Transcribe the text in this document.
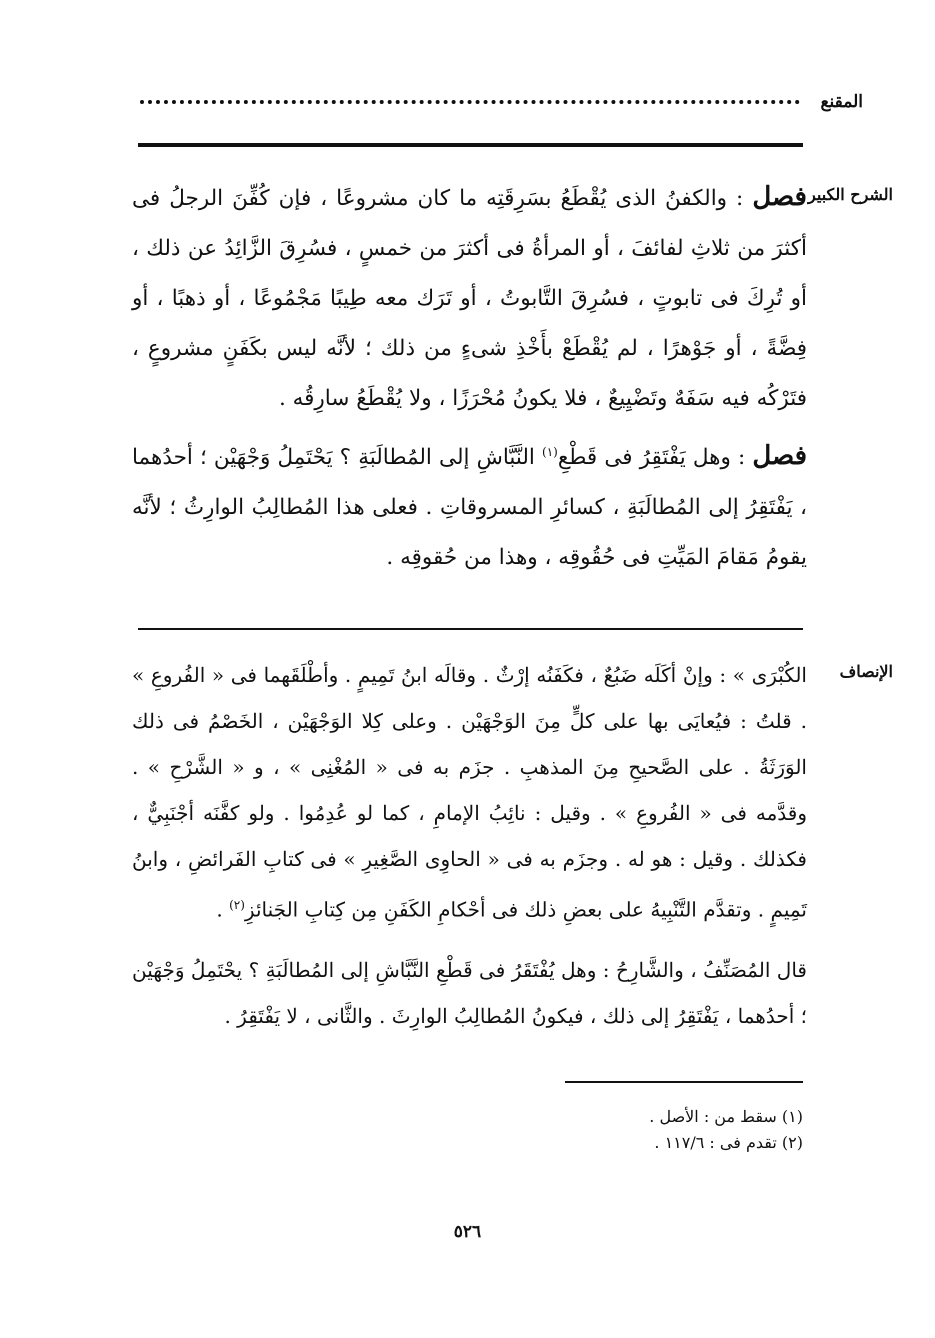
المقنع
الشرح الكبير

فصل : والكفنُ الذى يُقْطَعُ بسَرِقَتِه ما كان مشروعًا ، فإن كُفِّنَ الرجلُ فى أكثرَ من ثلاثِ لفائفَ ، أو المرأةُ فى أكثرَ من خمسٍ ، فسُرِقَ الزَّائِدُ عن ذلك ، أو تُرِكَ فى تابوتٍ ، فسُرِقَ التَّابوتُ ، أو تَرَك معه طِيبًا مَجْمُوعًا ، أو ذهبًا ، أو فِضَّةً ، أو جَوْهرًا ، لم يُقْطَعْ بأَخْذِ شىءٍ من ذلك ؛ لأنَّه ليس بكَفَنٍ مشروعٍ ، فتَرْكُه فيه سَفَهٌ وتَضْيِيعٌ ، فلا يكونُ مُحْرَزًا ، ولا يُقْطَعُ سارِقُه .

فصل : وهل يَفْتَقِرُ فى قَطْعِ$^{(١)}$ النَّبَّاشِ إلى المُطالَبَةِ ؟ يَحْتَمِلُ وَجْهَيْن ؛ أحدُهما ، يَفْتَقِرُ إلى المُطالَبَةِ ، كسائرِ المسروقاتِ . فعلى هذا المُطالِبُ الوارِثُ ؛ لأنَّه يقومُ مَقامَ المَيِّتِ فى حُقُوقِه ، وهذا من حُقوقِه .

الإنصاف

الكُبْرَى » : وإنْ أكَلَه ضَبُعٌ ، فكَفَنُه إرْثٌ . وقالَه ابنُ تَمِيمٍ . وأطْلَقَهما فى « الفُروعِ » . قلتُ : فيُعايَى بها على كلٍّ مِنَ الوَجْهَيْن . وعلى كِلا الوَجْهَيْن ، الخَصْمُ فى ذلك الوَرَثَةُ . على الصَّحيحِ مِنَ المذهبِ . جزَم به فى « المُغْنِى » ، و « الشَّرْحِ » . وقدَّمه فى « الفُروعِ » . وقيل : نائِبُ الإمامِ ، كما لو عُدِمُوا . ولو كفَّنَه أجْنَبِيٌّ ، فكذلك . وقيل : هو له . وجزَم به فى « الحاوِى الصَّغِيرِ » فى كتابِ الفَرائضِ ، وابنُ تَمِيمٍ . وتقدَّم التَّنْبِيهُ على بعضِ ذلك فى أحْكامِ الكَفَنِ مِن كِتابِ الجَنائزِ$^{(٢)}$ .

قال المُصَنِّفُ ، والشَّارِحُ : وهل يُفْتَقَرُ فى قَطْعِ النَّبَّاشِ إلى المُطالَبَةِ ؟ يحْتَمِلُ وَجْهَيْن ؛ أحدُهما ، يَفْتَقِرُ إلى ذلك ، فيكونُ المُطالِبُ الوارِثَ . والثَّانى ، لا يَفْتَقِرُ .

(١) سقط من : الأصل .
(٢) تقدم فى : ١١٧/٦ .
٥٢٦
